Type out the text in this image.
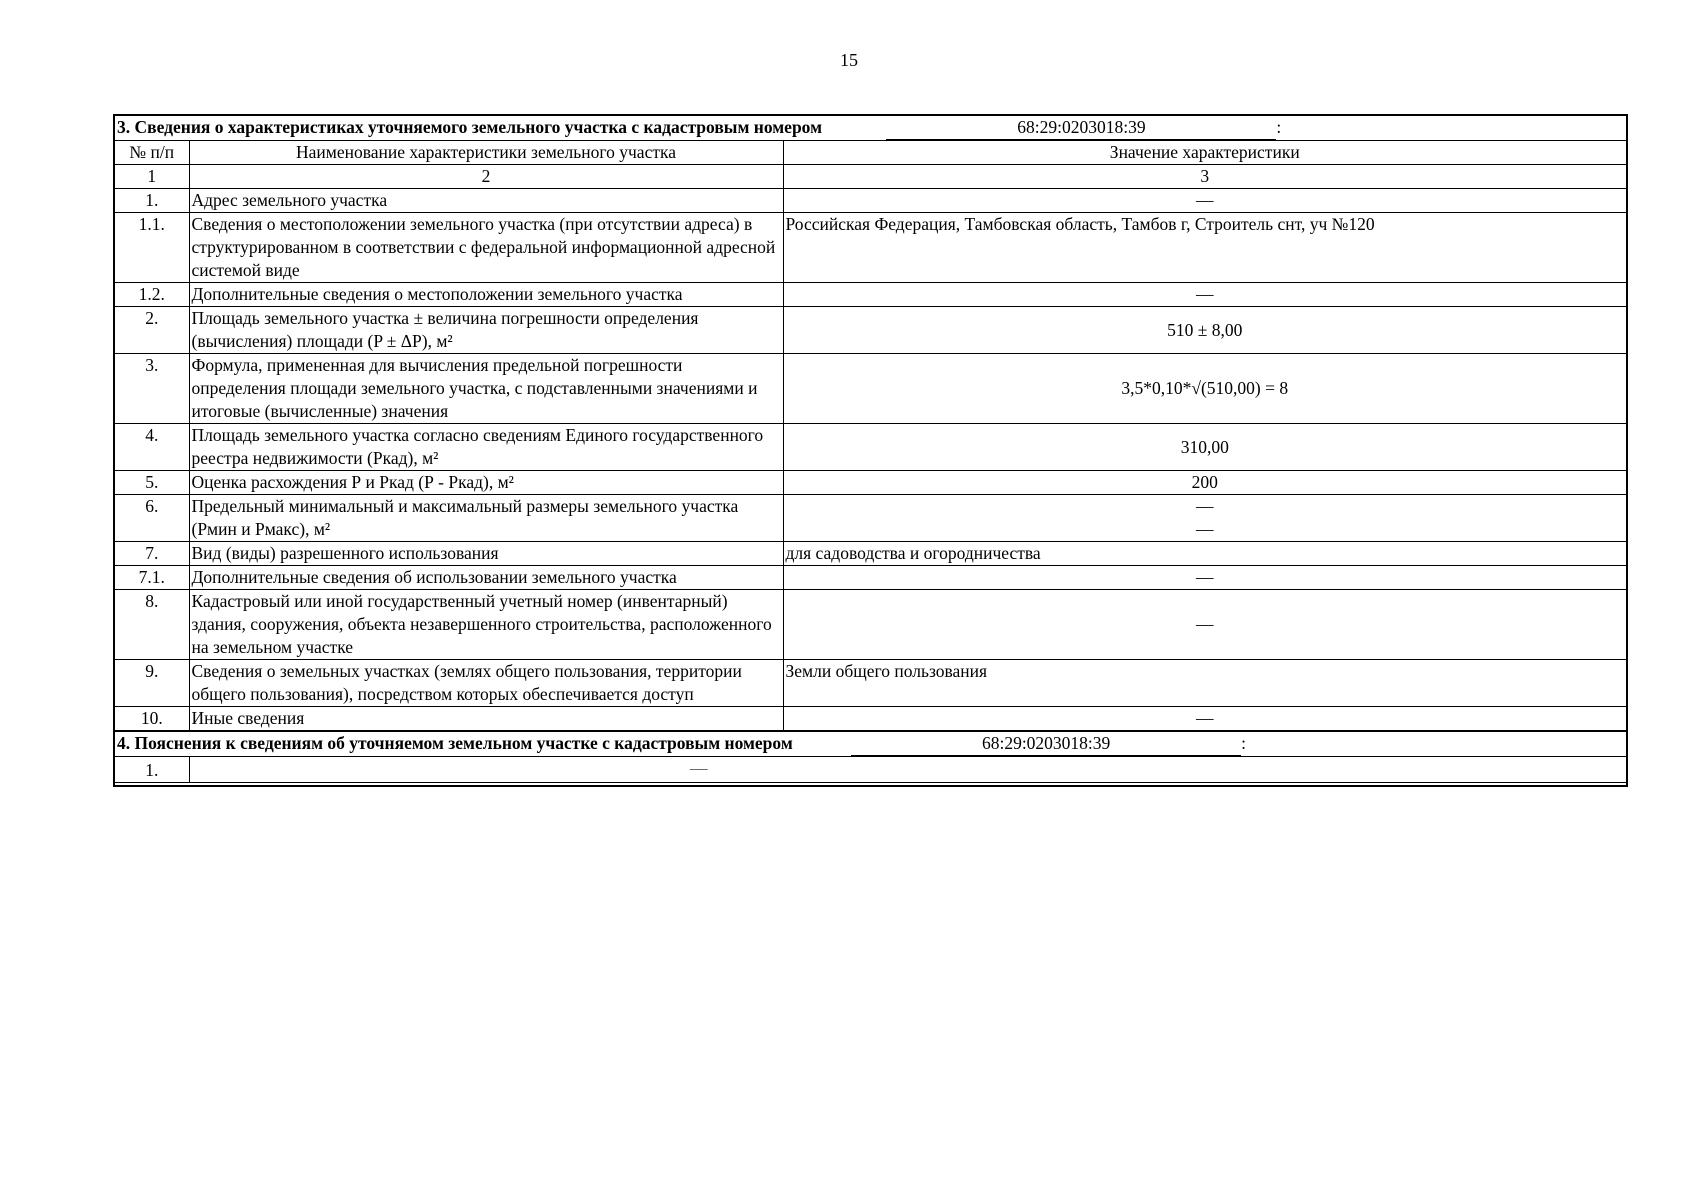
15
3. Сведения о характеристиках уточняемого земельного участка с кадастровым номером 68:29:0203018:39 :		
№ п/п	Наименование характеристики земельного участка	Значение характеристики
1	2	3
1.	Адрес земельного участка	—
1.1.	Сведения о местоположении земельного участка (при отсутствии адреса) в структурированном в соответствии с федеральной информационной адресной системой виде	Российская Федерация, Тамбовская область, Тамбов г, Строитель снт, уч №120
1.2.	Дополнительные сведения о местоположении земельного участка	—
2.	Площадь земельного участка ± величина погрешности определения (вычисления) площади (P ± ΔP), м²	510 ± 8,00
3.	Формула, примененная для вычисления предельной погрешности определения площади земельного участка, с подставленными значениями и итоговые (вычисленные) значения	3,5*0,10*√(510,00) = 8
4.	Площадь земельного участка согласно сведениям Единого государственного реестра недвижимости (Ркад), м²	310,00
5.	Оценка расхождения Р и Ркад (Р - Ркад), м²	200
6.	Предельный минимальный и максимальный размеры земельного участка (Рмин и Рмакс), м²	—
—

7.	Вид (виды) разрешенного использования	для садоводства и огородничества
7.1.	Дополнительные сведения об использовании земельного участка	—
8.	Кадастровый или иной государственный учетный номер (инвентарный) здания, сооружения, объекта незавершенного строительства, расположенного на земельном участке	—
9.	Сведения о земельных участках (землях общего пользования, территории общего пользования), посредством которых обеспечивается доступ	Земли общего пользования
10.	Иные сведения	—
4. Пояснения к сведениям об уточняемом земельном участке с кадастровым номером 68:29:0203018:39 :		
1.	—	
